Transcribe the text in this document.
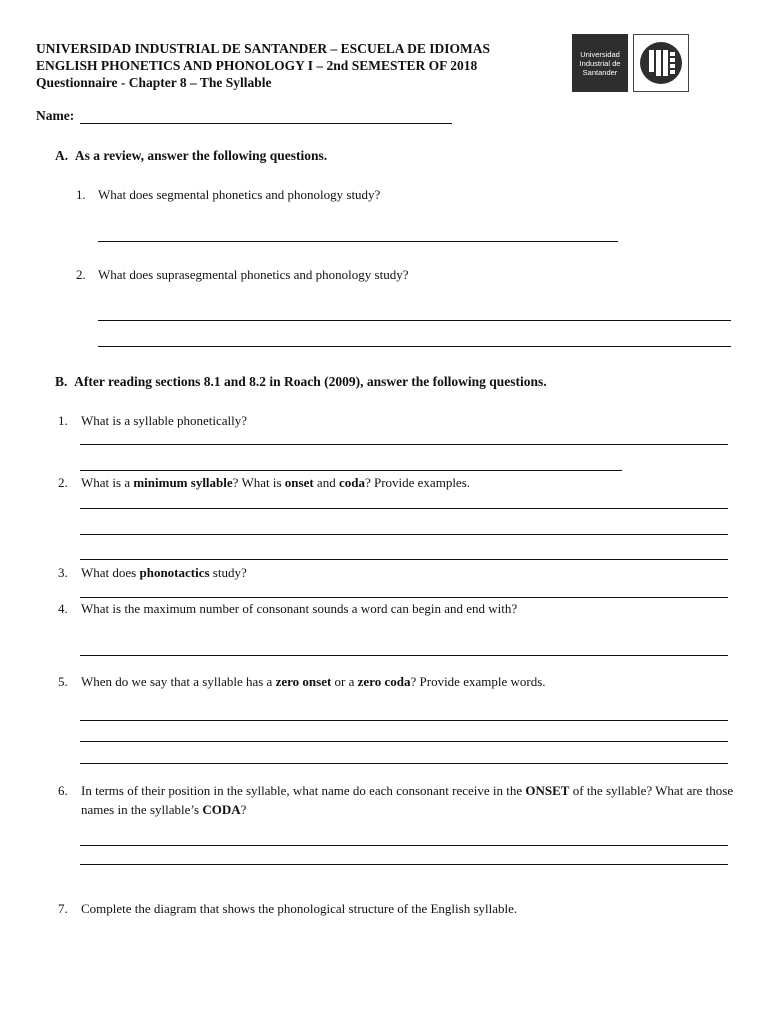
UNIVERSIDAD INDUSTRIAL DE SANTANDER – ESCUELA DE IDIOMAS
ENGLISH PHONETICS AND PHONOLOGY I – 2nd SEMESTER OF 2018
Questionnaire - Chapter 8 – The Syllable
Universidad
Industrial de
Santander
Name:
A. As a review, answer the following questions.
1. What does segmental phonetics and phonology study?
2. What does suprasegmental phonetics and phonology study?
B. After reading sections 8.1 and 8.2 in Roach (2009), answer the following questions.
1. What is a syllable phonetically?
2. What is a minimum syllable? What is onset and coda? Provide examples.
3. What does phonotactics study?
4. What is the maximum number of consonant sounds a word can begin and end with?
5. When do we say that a syllable has a zero onset or a zero coda? Provide example words.
6.	In terms of their position in the syllable, what name do each consonant receive in the ONSET of the syllable? What are those names in the syllable’s CODA?
7. Complete the diagram that shows the phonological structure of the English syllable.
